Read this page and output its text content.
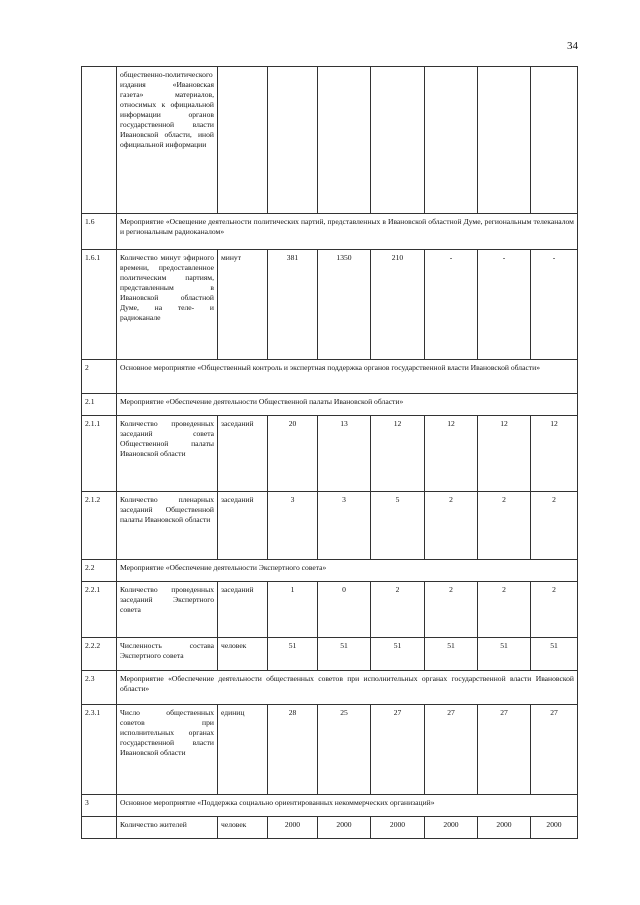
34
	общественно-политического издания «Ивановская газета» материалов, относимых к официальной информации органов государственной власти Ивановской области, иной официальной информации							
1.6	Мероприятие «Освещение деятельности политических партий, представленных в Ивановской областной Думе, региональным телеканалом и региональным радиоканалом»							
1.6.1	Количество минут эфирного времени, предоставленное политическим партиям, представленным в Ивановской областной Думе, на теле- и радиоканале	минут	381	1350	210	-	-	-
2	Основное мероприятие «Общественный контроль и экспертная поддержка органов государственной власти Ивановской области»							
2.1	Мероприятие «Обеспечение деятельности Общественной палаты Ивановской области»							
2.1.1	Количество проведенных заседаний совета Общественной палаты Ивановской области	заседаний	20	13	12	12	12	12
2.1.2	Количество пленарных заседаний Общественной палаты Ивановской области	заседаний	3	3	5	2	2	2
2.2	Мероприятие «Обеспечение деятельности Экспертного совета»							
2.2.1	Количество проведенных заседаний Экспертного совета	заседаний	1	0	2	2	2	2
2.2.2	Численность состава Экспертного совета	человек	51	51	51	51	51	51
2.3	Мероприятие «Обеспечение деятельности общественных советов при исполнительных органах государственной власти Ивановской области»							
2.3.1	Число общественных советов при исполнительных органах государственной власти Ивановской области	единиц	28	25	27	27	27	27
3	Основное мероприятие «Поддержка социально ориентированных некоммерческих организаций»							
	Количество жителей	человек	2000	2000	2000	2000	2000	2000
